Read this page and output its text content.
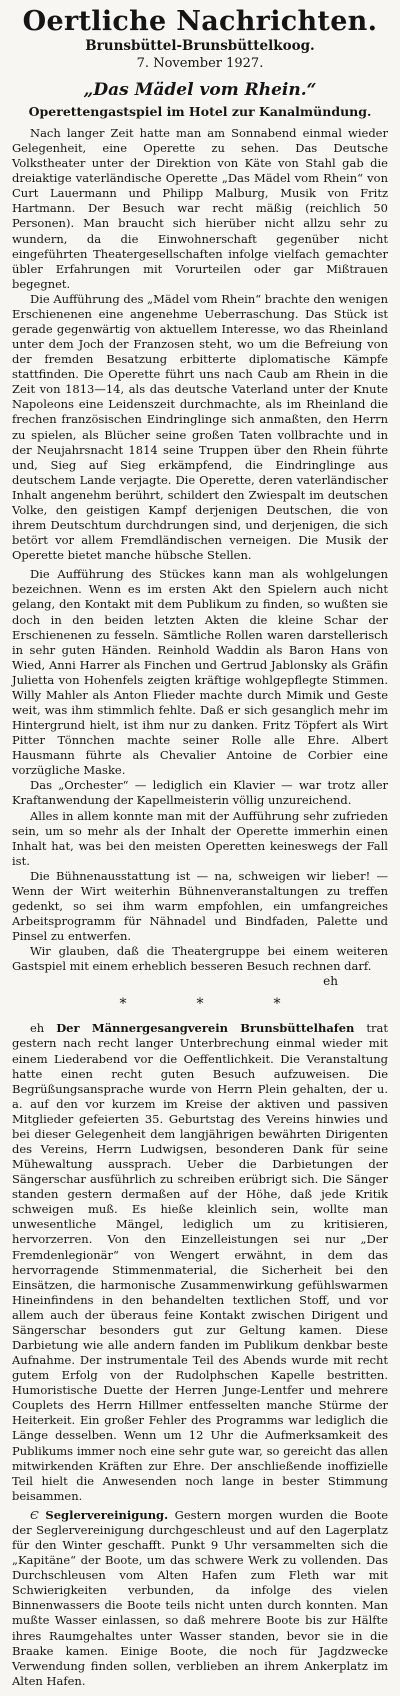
Oertliche Nachrichten.
Brunsbüttel-Brunsbüttelkoog.
7. November 1927.
„Das Mädel vom Rhein.“
Operettengastspiel im Hotel zur Kanalmündung.

Nach langer Zeit hatte man am Sonnabend einmal wieder Gelegenheit, eine Operette zu sehen. Das Deutsche Volkstheater unter der Direktion von Käte von Stahl gab die dreiaktige vaterländische Operette „Das Mädel vom Rhein“ von Curt Lauermann und Philipp Malburg, Musik von Fritz Hartmann. Der Besuch war recht mäßig (reichlich 50 Personen). Man braucht sich hierüber nicht allzu sehr zu wundern, da die Einwohnerschaft gegenüber nicht eingeführten Theatergesellschaften infolge vielfach gemachter übler Erfahrungen mit Vorurteilen oder gar Mißtrauen begegnet.

Die Aufführung des „Mädel vom Rhein“ brachte den wenigen Erschienenen eine angenehme Ueberraschung. Das Stück ist gerade gegenwärtig von aktuellem Interesse, wo das Rheinland unter dem Joch der Franzosen steht, wo um die Befreiung von der fremden Besatzung erbitterte diplomatische Kämpfe stattfinden. Die Operette führt uns nach Caub am Rhein in die Zeit von 1813—14, als das deutsche Vaterland unter der Knute Napoleons eine Leidenszeit durchmachte, als im Rheinland die frechen französischen Eindringlinge sich anmaßten, den Herrn zu spielen, als Blücher seine großen Taten vollbrachte und in der Neujahrsnacht 1814 seine Truppen über den Rhein führte und, Sieg auf Sieg erkämpfend, die Eindringlinge aus deutschem Lande verjagte. Die Operette, deren vaterländischer Inhalt angenehm berührt, schildert den Zwiespalt im deutschen Volke, den geistigen Kampf derjenigen Deutschen, die von ihrem Deutschtum durchdrungen sind, und derjenigen, die sich betört vor allem Fremdländischen verneigen. Die Musik der Operette bietet manche hübsche Stellen.

Die Aufführung des Stückes kann man als wohlgelungen bezeichnen. Wenn es im ersten Akt den Spielern auch nicht gelang, den Kontakt mit dem Publikum zu finden, so wußten sie doch in den beiden letzten Akten die kleine Schar der Erschienenen zu fesseln. Sämtliche Rollen waren darstellerisch in sehr guten Händen. Reinhold Waddin als Baron Hans von Wied, Anni Harrer als Finchen und Gertrud Jablonsky als Gräfin Julietta von Hohenfels zeigten kräftige wohlgepflegte Stimmen. Willy Mahler als Anton Flieder machte durch Mimik und Geste weit, was ihm stimmlich fehlte. Daß er sich gesanglich mehr im Hintergrund hielt, ist ihm nur zu danken. Fritz Töpfert als Wirt Pitter Tönnchen machte seiner Rolle alle Ehre. Albert Hausmann führte als Chevalier Antoine de Corbier eine vorzügliche Maske.

Das „Orchester“ — lediglich ein Klavier — war trotz aller Kraftanwendung der Kapellmeisterin völlig unzureichend.

Alles in allem konnte man mit der Aufführung sehr zufrieden sein, um so mehr als der Inhalt der Operette immerhin einen Inhalt hat, was bei den meisten Operetten keineswegs der Fall ist.

Die Bühnenausstattung ist — na, schweigen wir lieber! — Wenn der Wirt weiterhin Bühnenveranstaltungen zu treffen gedenkt, so sei ihm warm empfohlen, ein umfangreiches Arbeitsprogramm für Nähnadel und Bindfaden, Palette und Pinsel zu entwerfen.

Wir glauben, daß die Theatergruppe bei einem weiteren Gastspiel mit einem erheblich besseren Besuch rechnen darf.

eh
*	*	*

eh Der Männergesangverein Brunsbüttelhafen trat gestern nach recht langer Unterbrechung einmal wieder mit einem Liederabend vor die Oeffentlichkeit. Die Veranstaltung hatte einen recht guten Besuch aufzuweisen. Die Begrüßungsansprache wurde von Herrn Plein gehalten, der u. a. auf den vor kurzem im Kreise der aktiven und passiven Mitglieder gefeierten 35. Geburtstag des Vereins hinwies und bei dieser Gelegenheit dem langjährigen bewährten Dirigenten des Vereins, Herrn Ludwigsen, besonderen Dank für seine Mühewaltung aussprach. Ueber die Darbietungen der Sängerschar ausführlich zu schreiben erübrigt sich. Die Sänger standen gestern dermaßen auf der Höhe, daß jede Kritik schweigen muß. Es hieße kleinlich sein, wollte man unwesentliche Mängel, lediglich um zu kritisieren, hervorzerren. Von den Einzelleistungen sei nur „Der Fremdenlegionär“ von Wengert erwähnt, in dem das hervorragende Stimmenmaterial, die Sicherheit bei den Einsätzen, die harmonische Zusammenwirkung gefühlswarmen Hineinfindens in den behandelten textlichen Stoff, und vor allem auch der überaus feine Kontakt zwischen Dirigent und Sängerschar besonders gut zur Geltung kamen. Diese Darbietung wie alle andern fanden im Publikum denkbar beste Aufnahme. Der instrumentale Teil des Abends wurde mit recht gutem Erfolg von der Rudolphschen Kapelle bestritten. Humoristische Duette der Herren Junge-Lentfer und mehrere Couplets des Herrn Hillmer entfesselten manche Stürme der Heiterkeit. Ein großer Fehler des Programms war lediglich die Länge desselben. Wenn um 12 Uhr die Aufmerksamkeit des Publikums immer noch eine sehr gute war, so gereicht das allen mitwirkenden Kräften zur Ehre. Der anschließende inoffizielle Teil hielt die Anwesenden noch lange in bester Stimmung beisammen.

Є Seglervereinigung. Gestern morgen wurden die Boote der Seglervereinigung durchgeschleust und auf den Lagerplatz für den Winter geschafft. Punkt 9 Uhr versammelten sich die „Kapitäne“ der Boote, um das schwere Werk zu vollenden. Das Durchschleusen vom Alten Hafen zum Fleth war mit Schwierigkeiten verbunden, da infolge des vielen Binnenwassers die Boote teils nicht unten durch konnten. Man mußte Wasser einlassen, so daß mehrere Boote bis zur Hälfte ihres Raumgehaltes unter Wasser standen, bevor sie in die Braake kamen. Einige Boote, die noch für Jagdzwecke Verwendung finden sollen, verblieben an ihrem Ankerplatz im Alten Hafen.
